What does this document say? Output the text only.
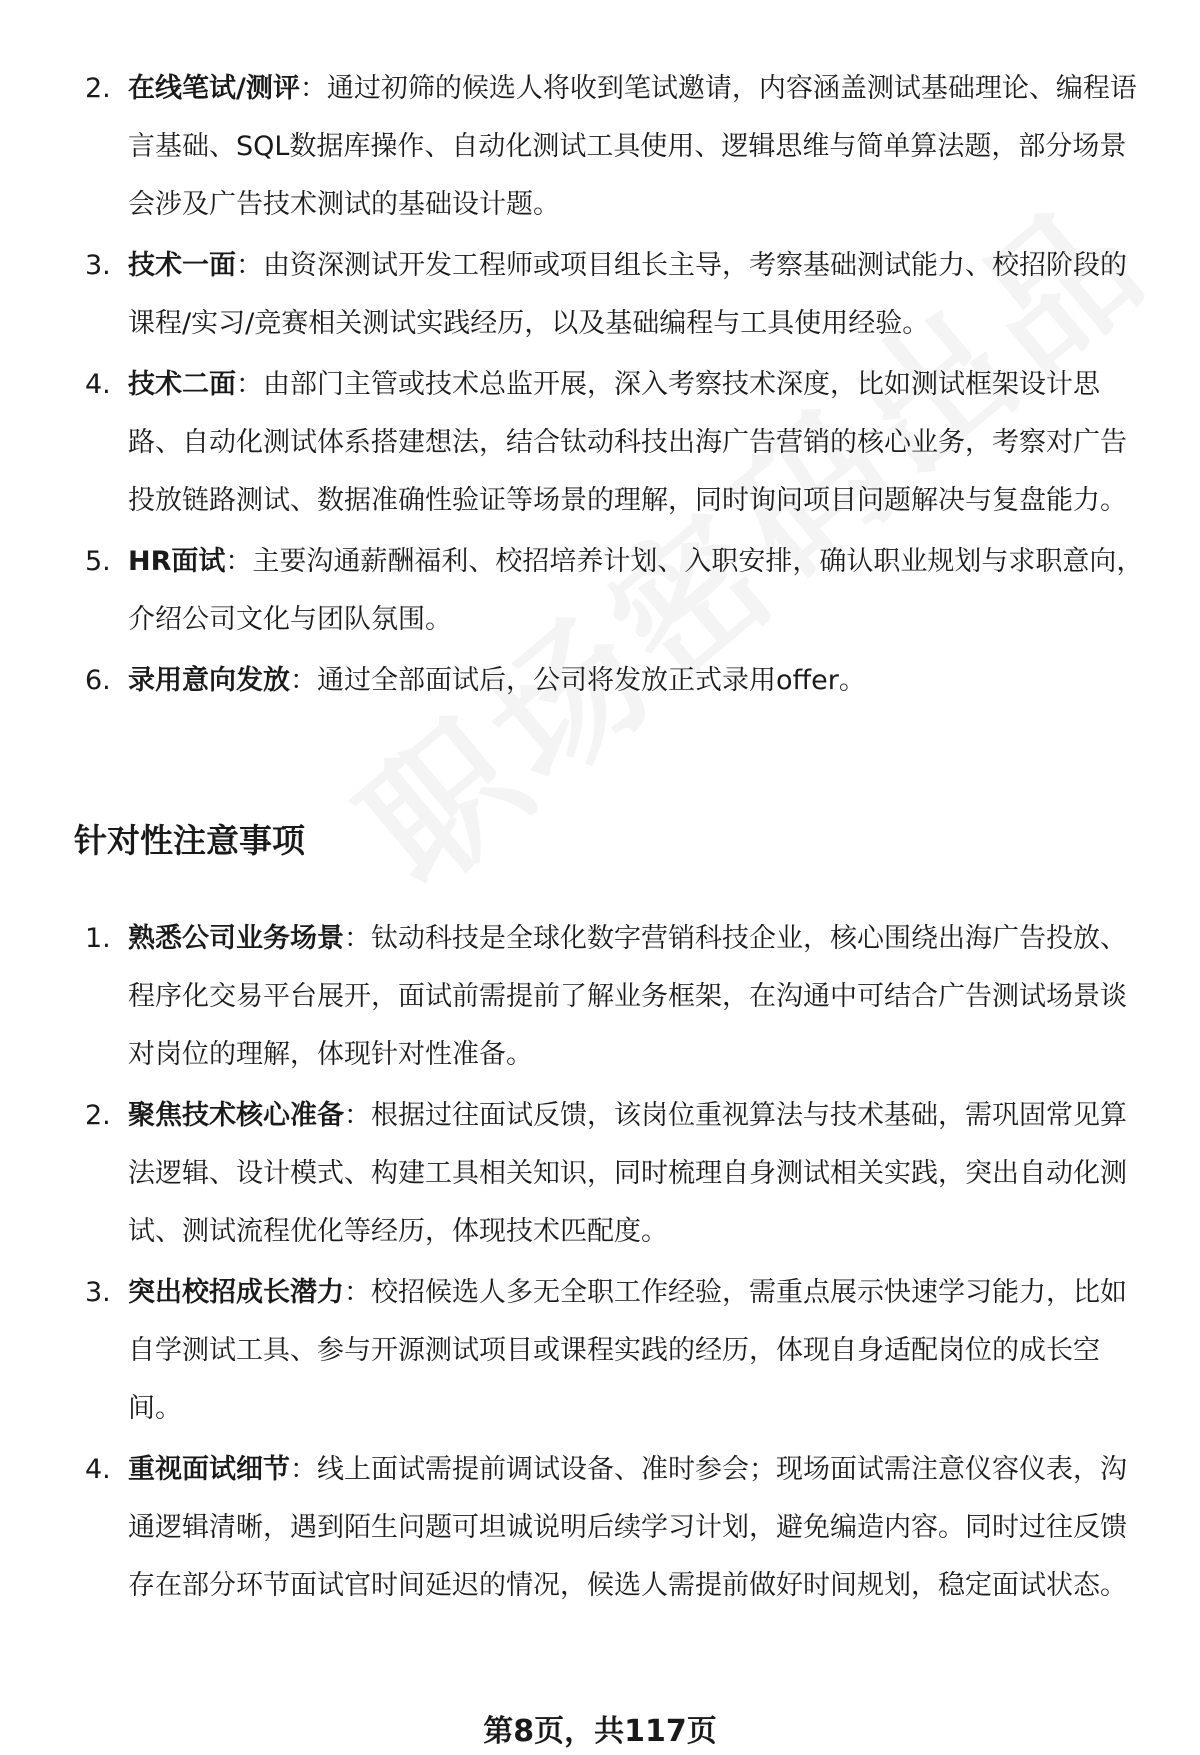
2. 在线笔试/测评：通过初筛的候选人将收到笔试邀请，内容涵盖测试基础理论、编程语言基础、SQL数据库操作、自动化测试工具使用、逻辑思维与简单算法题，部分场景会涉及广告技术测试的基础设计题。
3. 技术一面：由资深测试开发工程师或项目组长主导，考察基础测试能力、校招阶段的课程/实习/竞赛相关测试实践经历，以及基础编程与工具使用经验。
4. 技术二面：由部门主管或技术总监开展，深入考察技术深度，比如测试框架设计思路、自动化测试体系搭建想法，结合钛动科技出海广告营销的核心业务，考察对广告投放链路测试、数据准确性验证等场景的理解，同时询问项目问题解决与复盘能力。
5. HR面试：主要沟通薪酬福利、校招培养计划、入职安排，确认职业规划与求职意向，介绍公司文化与团队氛围。
6. 录用意向发放：通过全部面试后，公司将发放正式录用offer。
针对性注意事项
1. 熟悉公司业务场景：钛动科技是全球化数字营销科技企业，核心围绕出海广告投放、程序化交易平台展开，面试前需提前了解业务框架，在沟通中可结合广告测试场景谈对岗位的理解，体现针对性准备。
2. 聚焦技术核心准备：根据过往面试反馈，该岗位重视算法与技术基础，需巩固常见算法逻辑、设计模式、构建工具相关知识，同时梳理自身测试相关实践，突出自动化测试、测试流程优化等经历，体现技术匹配度。
3. 突出校招成长潜力：校招候选人多无全职工作经验，需重点展示快速学习能力，比如自学测试工具、参与开源测试项目或课程实践的经历，体现自身适配岗位的成长空间。
4. 重视面试细节：线上面试需提前调试设备、准时参会；现场面试需注意仪容仪表，沟通逻辑清晰，遇到陌生问题可坦诚说明后续学习计划，避免编造内容。同时过往反馈存在部分环节面试官时间延迟的情况，候选人需提前做好时间规划，稳定面试状态。
第8页，共117页
